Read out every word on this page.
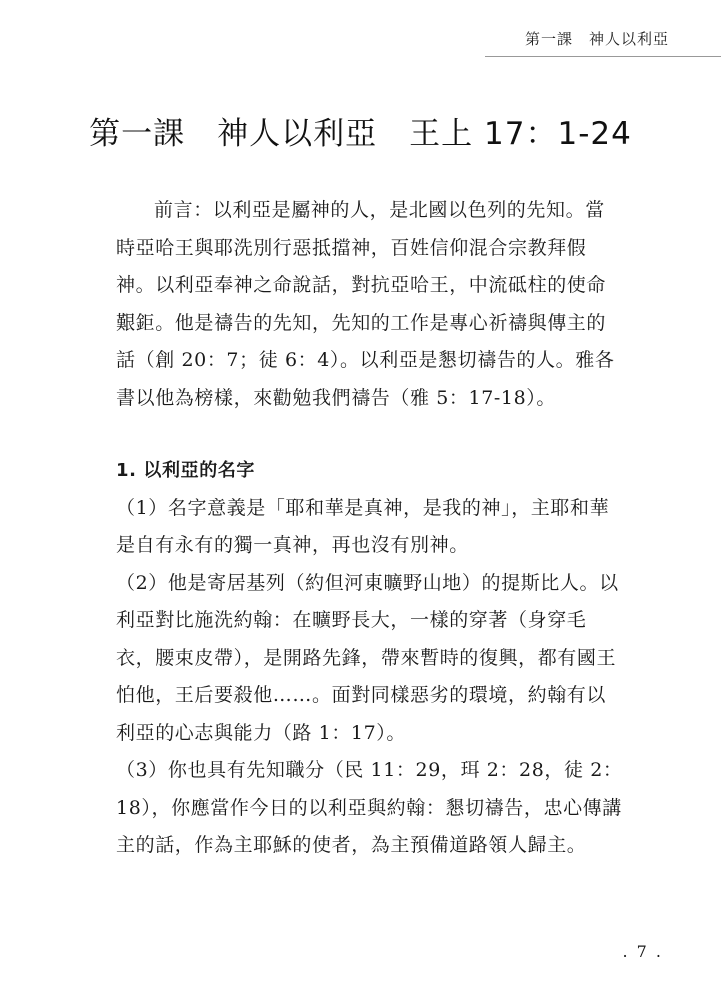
第一課　神人以利亞
第一課　神人以利亞　王上 17：1-24

前言：以利亞是屬神的人，是北國以色列的先知。當時亞哈王與耶洗別行惡抵擋神，百姓信仰混合宗教拜假神。以利亞奉神之命說話，對抗亞哈王，中流砥柱的使命艱鉅。他是禱告的先知，先知的工作是專心祈禱與傳主的話（創 20：7；徒 6：4）。以利亞是懇切禱告的人。雅各書以他為榜樣，來勸勉我們禱告（雅 5：17-18）。

1. 以利亞的名字

（1）名字意義是「耶和華是真神，是我的神」，主耶和華是自有永有的獨一真神，再也沒有別神。

（2）他是寄居基列（約但河東曠野山地）的提斯比人。以利亞對比施洗約翰：在曠野長大，一樣的穿著（身穿毛衣，腰束皮帶），是開路先鋒，帶來暫時的復興，都有國王怕他，王后要殺他……。面對同樣惡劣的環境，約翰有以利亞的心志與能力（路 1：17）。

（3）你也具有先知職分（民 11：29，珥 2：28，徒 2：18），你應當作今日的以利亞與約翰：懇切禱告，忠心傳講主的話，作為主耶穌的使者，為主預備道路領人歸主。

. 7 .
